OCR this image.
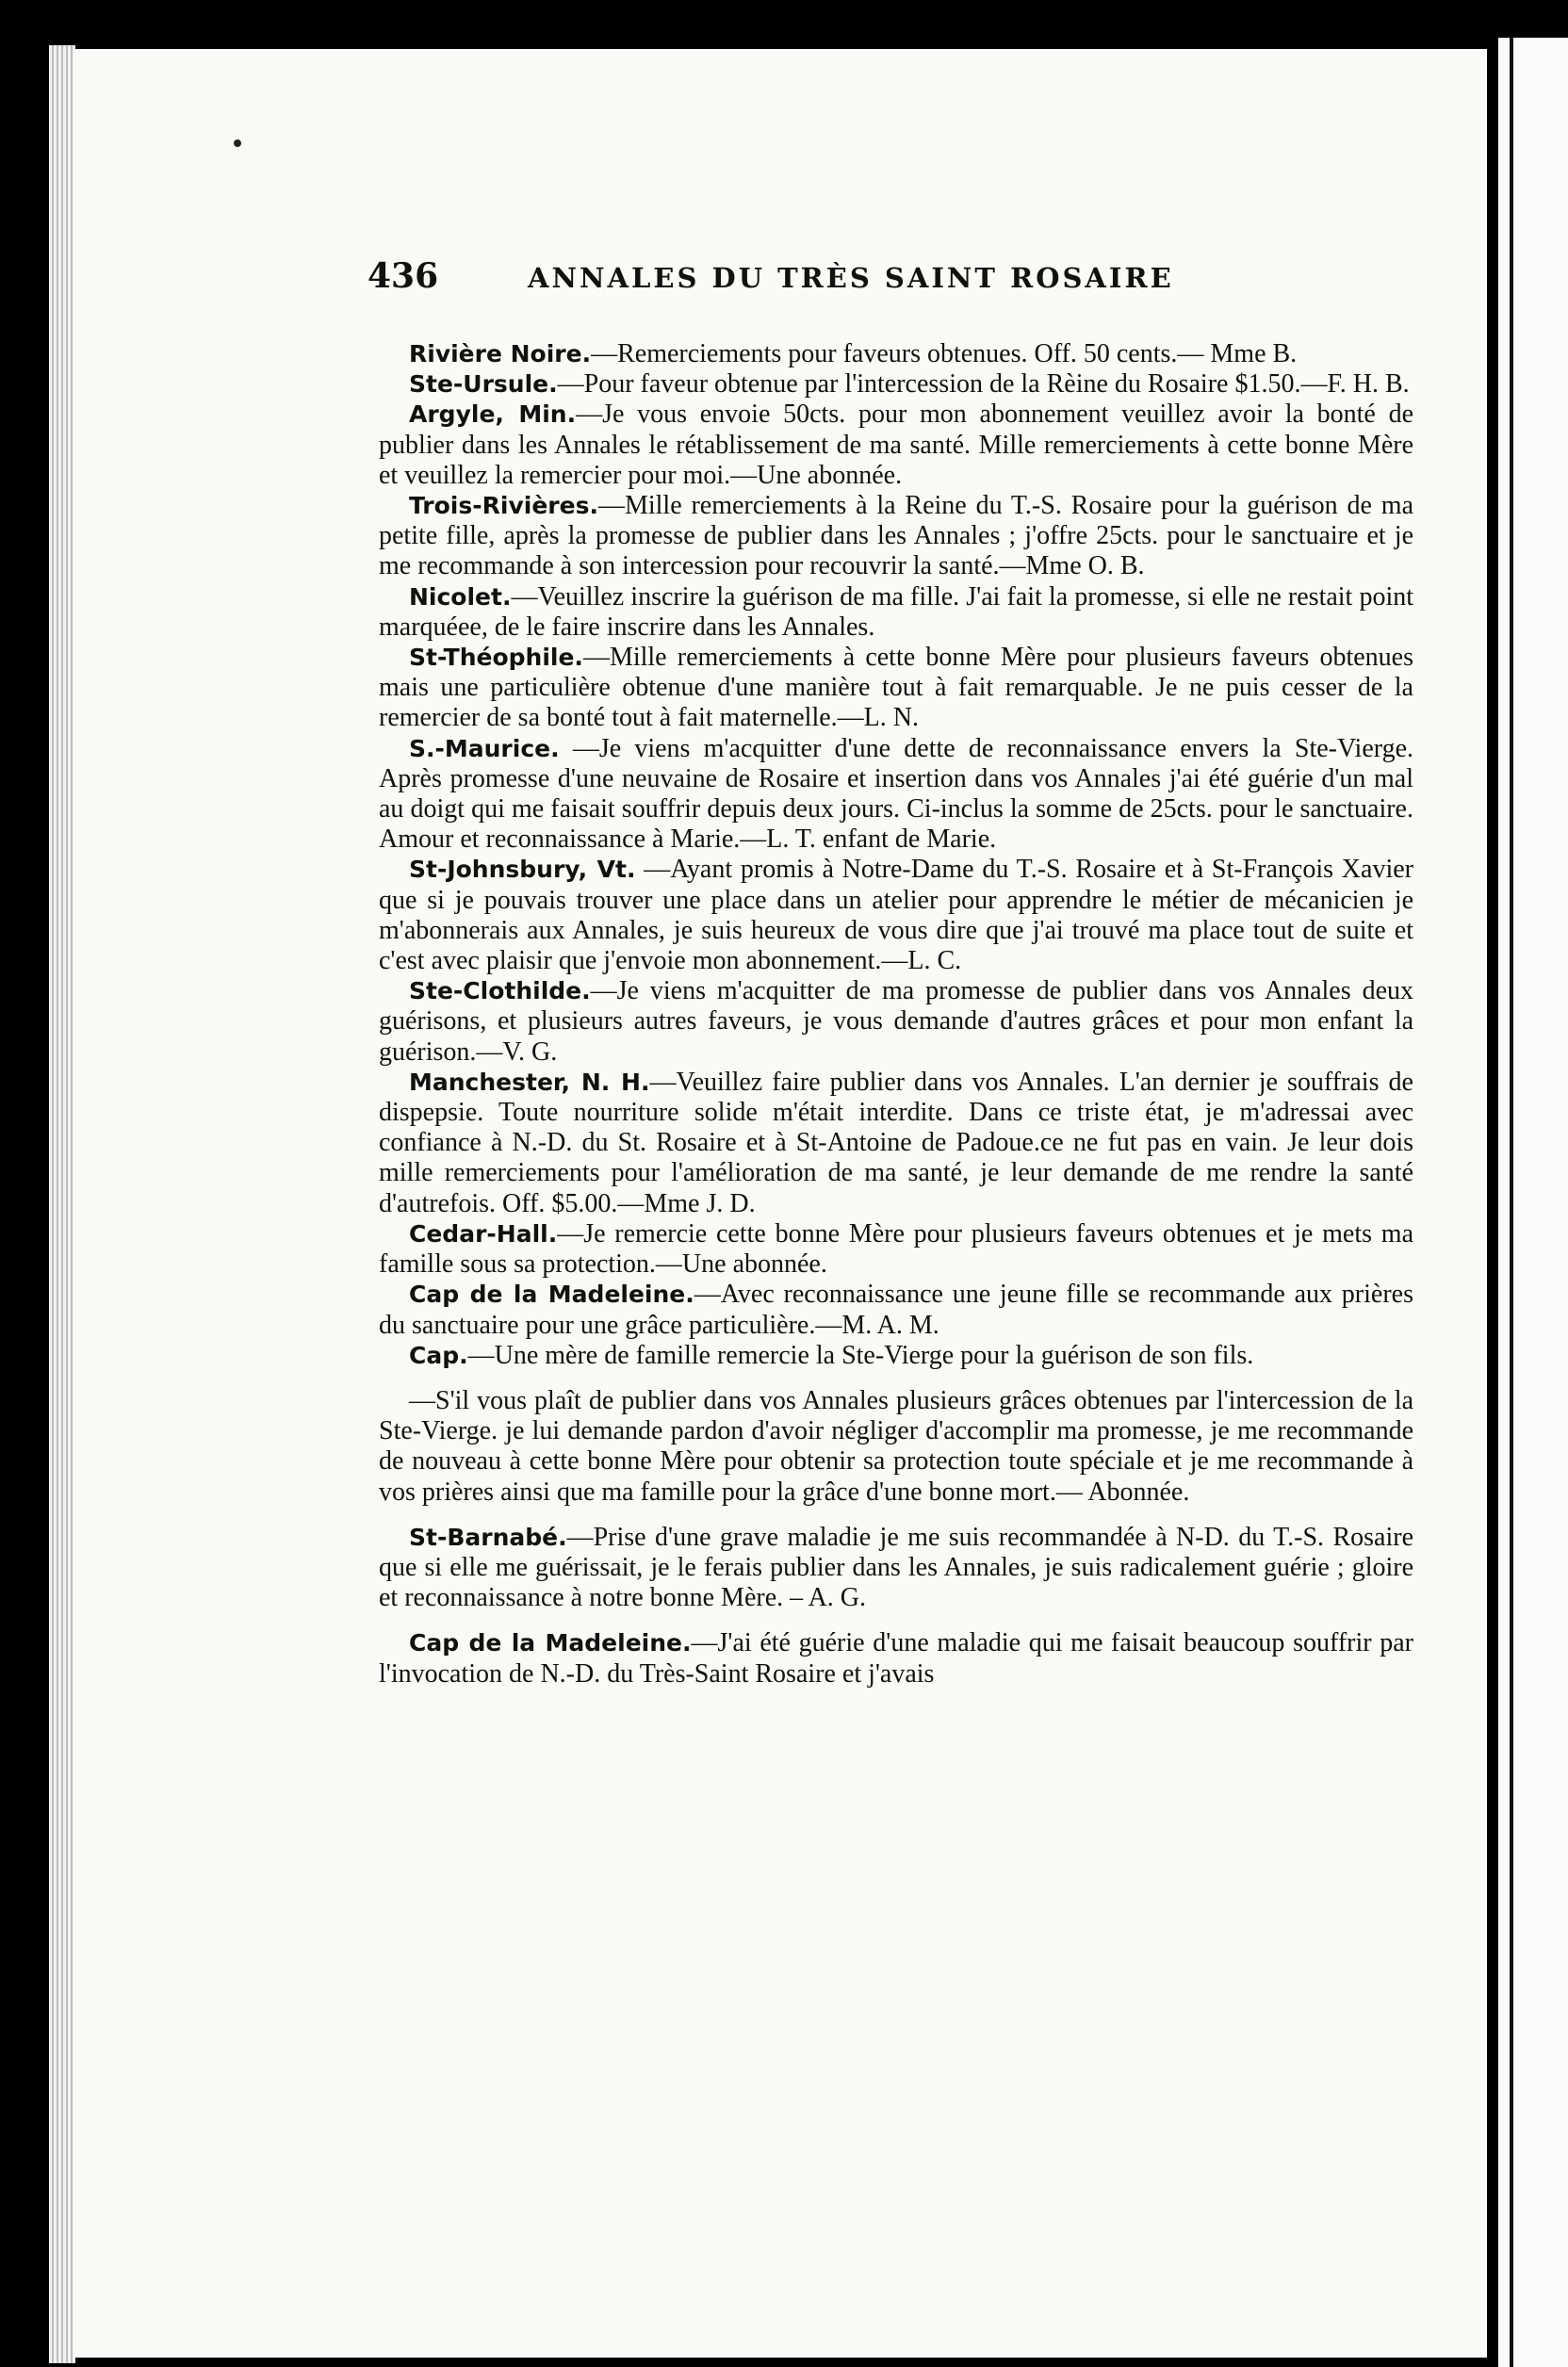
436	ANNALES DU TRÈS SAINT ROSAIRE

Rivière Noire.—Remerciements pour faveurs obtenues. Off. 50 cents.— Mme B.

Ste-Ursule.—Pour faveur obtenue par l'intercession de la Rèine du Rosaire $1.50.—F. H. B.

Argyle, Min.—Je vous envoie 50cts. pour mon abonnement veuillez avoir la bonté de publier dans les Annales le rétablissement de ma santé. Mille remerciements à cette bonne Mère et veuillez la remercier pour moi.—Une abonnée.

Trois-Rivières.—Mille remerciements à la Reine du T.-S. Rosaire pour la guérison de ma petite fille, après la promesse de publier dans les Annales ; j'offre 25cts. pour le sanctuaire et je me recommande à son intercession pour recouvrir la santé.—Mme O. B.

Nicolet.—Veuillez inscrire la guérison de ma fille. J'ai fait la promesse, si elle ne restait point marquéee, de le faire inscrire dans les Annales.

St-Théophile.—Mille remerciements à cette bonne Mère pour plusieurs faveurs obtenues mais une particulière obtenue d'une manière tout à fait remarquable. Je ne puis cesser de la remercier de sa bonté tout à fait maternelle.—L. N.

S.-Maurice. —Je viens m'acquitter d'une dette de reconnaissance envers la Ste-Vierge. Après promesse d'une neuvaine de Rosaire et insertion dans vos Annales j'ai été guérie d'un mal au doigt qui me faisait souffrir depuis deux jours. Ci-inclus la somme de 25cts. pour le sanctuaire. Amour et reconnaissance à Marie.—L. T. enfant de Marie.

St-Johnsbury, Vt. —Ayant promis à Notre-Dame du T.-S. Rosaire et à St-François Xavier que si je pouvais trouver une place dans un atelier pour apprendre le métier de mécanicien je m'abonnerais aux Annales, je suis heureux de vous dire que j'ai trouvé ma place tout de suite et c'est avec plaisir que j'envoie mon abonnement.—L. C.

Ste-Clothilde.—Je viens m'acquitter de ma promesse de publier dans vos Annales deux guérisons, et plusieurs autres faveurs, je vous demande d'autres grâces et pour mon enfant la guérison.—V. G.

Manchester, N. H.—Veuillez faire publier dans vos Annales. L'an dernier je souffrais de dispepsie. Toute nourriture solide m'était interdite. Dans ce triste état, je m'adressai avec confiance à N.-D. du St. Rosaire et à St-Antoine de Padoue.ce ne fut pas en vain. Je leur dois mille remerciements pour l'amélioration de ma santé, je leur demande de me rendre la santé d'autrefois. Off. $5.00.—Mme J. D.

Cedar-Hall.—Je remercie cette bonne Mère pour plusieurs faveurs obtenues et je mets ma famille sous sa protection.—Une abonnée.

Cap de la Madeleine.—Avec reconnaissance une jeune fille se recommande aux prières du sanctuaire pour une grâce particulière.—M. A. M.

Cap.—Une mère de famille remercie la Ste-Vierge pour la guérison de son fils.

—S'il vous plaît de publier dans vos Annales plusieurs grâces obtenues par l'intercession de la Ste-Vierge. je lui demande pardon d'avoir négliger d'accomplir ma promesse, je me recommande de nouveau à cette bonne Mère pour obtenir sa protection toute spéciale et je me recommande à vos prières ainsi que ma famille pour la grâce d'une bonne mort.— Abonnée.

St-Barnabé.—Prise d'une grave maladie je me suis recommandée à N-D. du T.-S. Rosaire que si elle me guérissait, je le ferais publier dans les Annales, je suis radicalement guérie ; gloire et reconnaissance à notre bonne Mère. – A. G.

Cap de la Madeleine.—J'ai été guérie d'une maladie qui me faisait beaucoup souffrir par l'invocation de N.-D. du Très-Saint Rosaire et j'avais
